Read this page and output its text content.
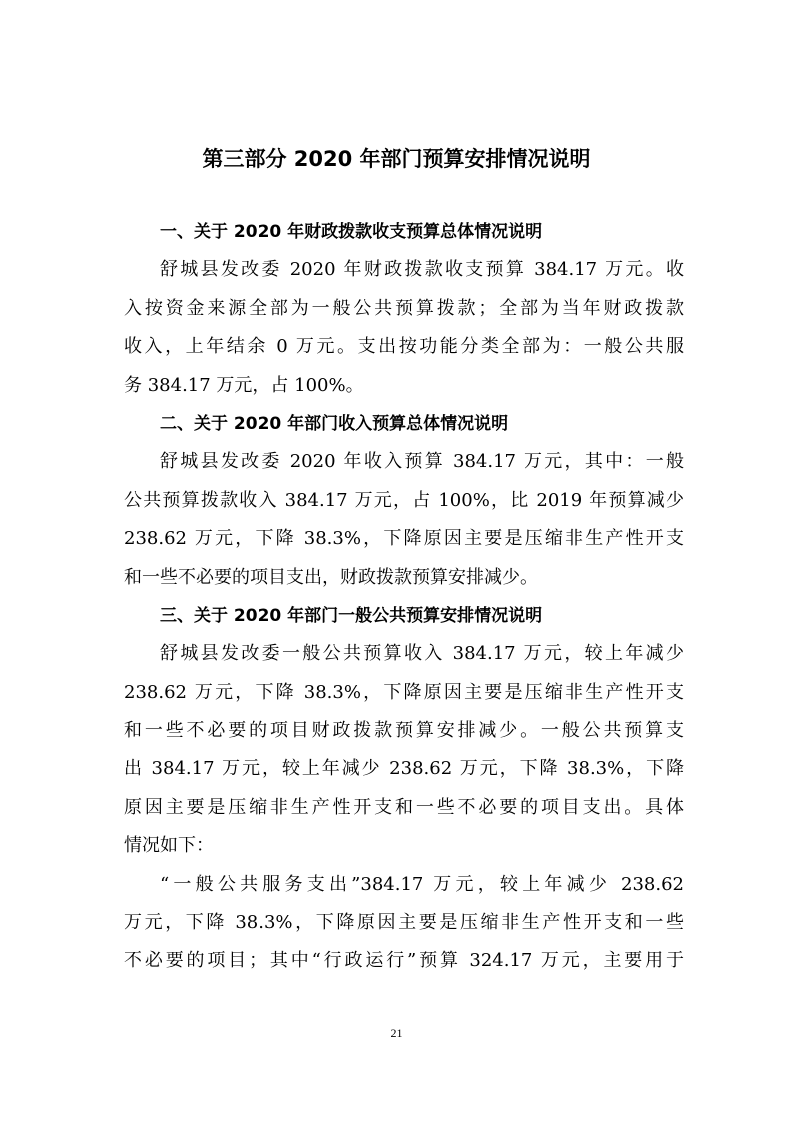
第三部分 2020 年部门预算安排情况说明
一、关于 2020 年财政拨款收支预算总体情况说明
舒城县发改委 2020 年财政拨款收支预算 384.17 万元。收
入按资金来源全部为一般公共预算拨款；全部为当年财政拨款
收入，上年结余 0 万元。支出按功能分类全部为：一般公共服
务 384.17 万元，占 100%。
二、关于 2020 年部门收入预算总体情况说明
舒城县发改委 2020 年收入预算 384.17 万元，其中：一般
公共预算拨款收入 384.17 万元，占 100%，比 2019 年预算减少
238.62 万元，下降 38.3%，下降原因主要是压缩非生产性开支
和一些不必要的项目支出，财政拨款预算安排减少。
三、关于 2020 年部门一般公共预算安排情况说明
舒城县发改委一般公共预算收入 384.17 万元，较上年减少
238.62 万元，下降 38.3%，下降原因主要是压缩非生产性开支
和一些不必要的项目财政拨款预算安排减少。一般公共预算支
出 384.17 万元，较上年减少 238.62 万元，下降 38.3%，下降
原因主要是压缩非生产性开支和一些不必要的项目支出。具体
情况如下：
“一般公共服务支出”384.17 万元，较上年减少 238.62
万元，下降 38.3%，下降原因主要是压缩非生产性开支和一些
不必要的项目；其中“行政运行”预算 324.17 万元，主要用于
21
